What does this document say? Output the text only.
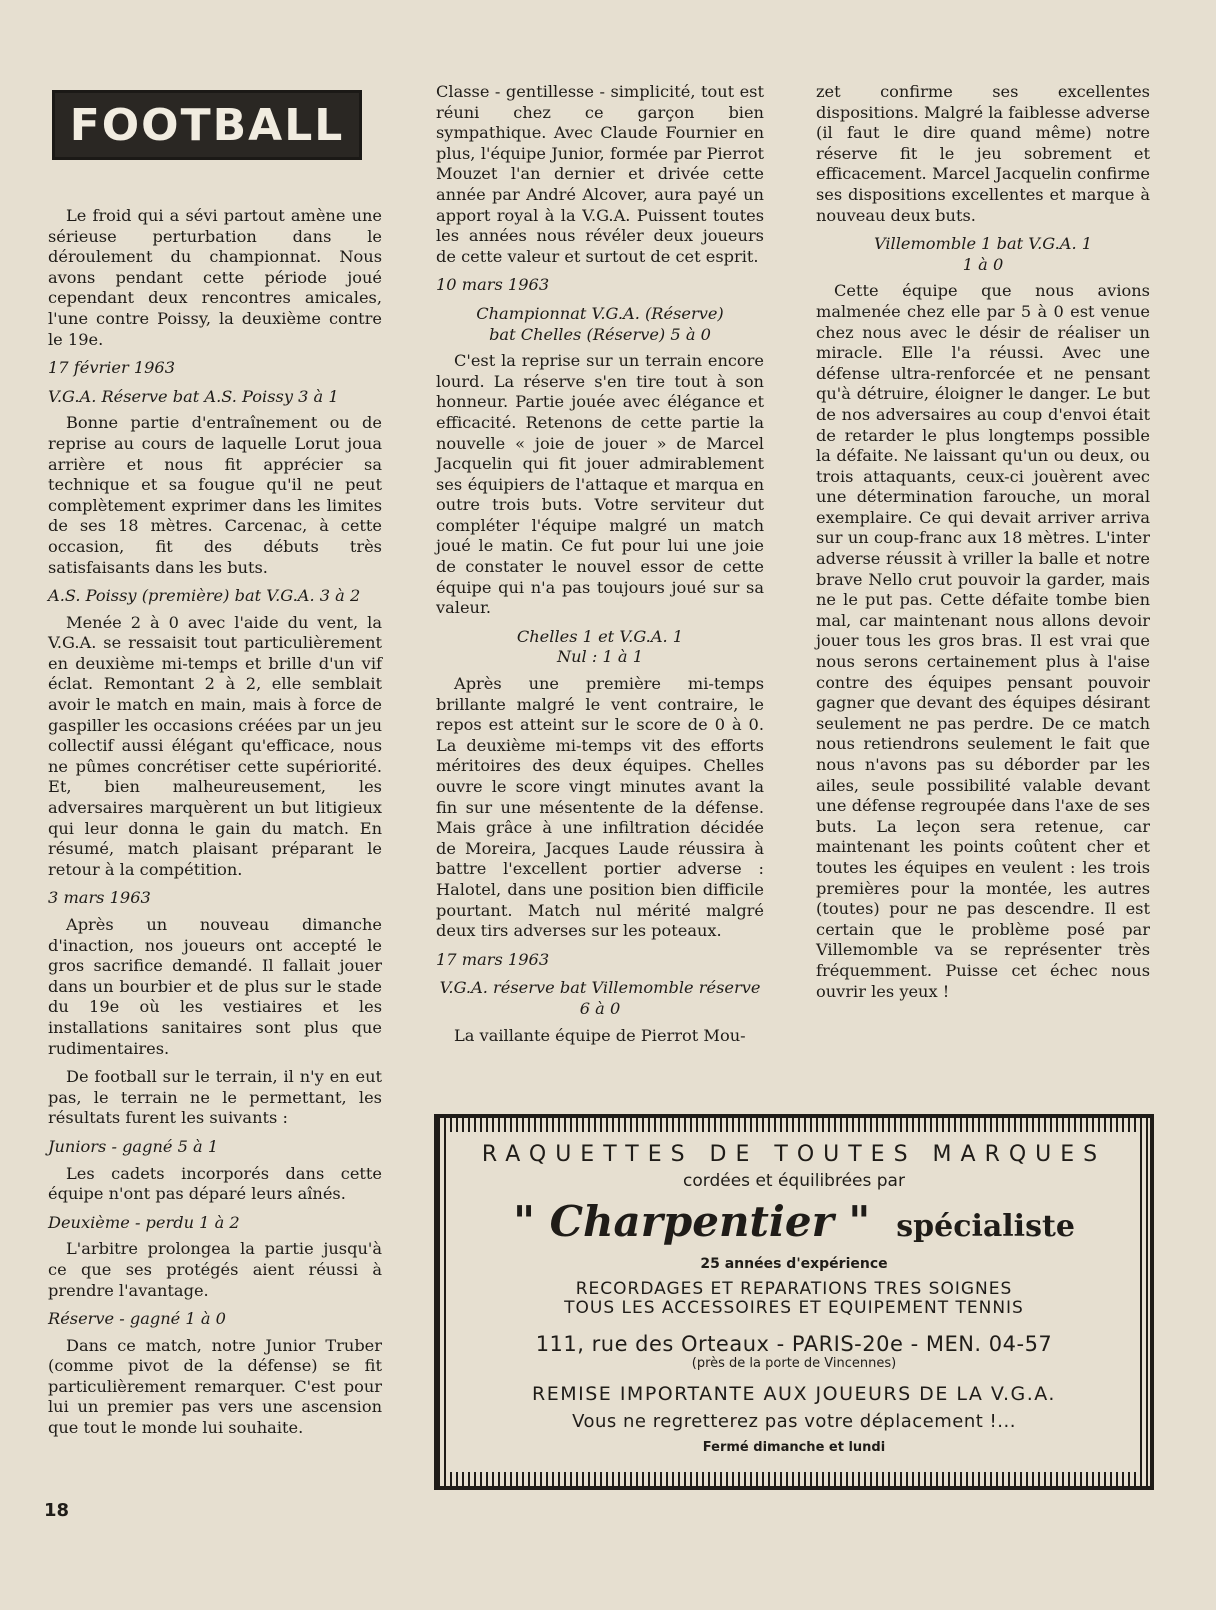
FOOTBALL

Le froid qui a sévi partout amène une sérieuse perturbation dans le déroulement du championnat. Nous avons pendant cette période joué cependant deux rencontres amicales, l'une contre Poissy, la deuxième contre le 19e.

17 février 1963
V.G.A. Réserve bat A.S. Poissy 3 à 1

Bonne partie d'entraînement ou de reprise au cours de laquelle Lorut joua arrière et nous fit apprécier sa technique et sa fougue qu'il ne peut complètement exprimer dans les limites de ses 18 mètres. Carcenac, à cette occasion, fit des débuts très satisfaisants dans les buts.

A.S. Poissy (première) bat V.G.A. 3 à 2

Menée 2 à 0 avec l'aide du vent, la V.G.A. se ressaisit tout particulièrement en deuxième mi-temps et brille d'un vif éclat. Remontant 2 à 2, elle semblait avoir le match en main, mais à force de gaspiller les occasions créées par un jeu collectif aussi élégant qu'efficace, nous ne pûmes concrétiser cette supériorité. Et, bien malheureusement, les adversaires marquèrent un but litigieux qui leur donna le gain du match. En résumé, match plaisant préparant le retour à la compétition.

3 mars 1963

Après un nouveau dimanche d'inaction, nos joueurs ont accepté le gros sacrifice demandé. Il fallait jouer dans un bourbier et de plus sur le stade du 19e où les vestiaires et les installations sanitaires sont plus que rudimentaires.

De football sur le terrain, il n'y en eut pas, le terrain ne le permettant, les résultats furent les suivants :

Juniors - gagné 5 à 1

Les cadets incorporés dans cette équipe n'ont pas déparé leurs aînés.

Deuxième - perdu 1 à 2

L'arbitre prolongea la partie jusqu'à ce que ses protégés aient réussi à prendre l'avantage.

Réserve - gagné 1 à 0

Dans ce match, notre Junior Truber (comme pivot de la défense) se fit particulièrement remarquer. C'est pour lui un premier pas vers une ascension que tout le monde lui souhaite.

Classe - gentillesse - simplicité, tout est réuni chez ce garçon bien sympathique. Avec Claude Fournier en plus, l'équipe Junior, formée par Pierrot Mouzet l'an dernier et drivée cette année par André Alcover, aura payé un apport royal à la V.G.A. Puissent toutes les années nous révéler deux joueurs de cette valeur et surtout de cet esprit.

10 mars 1963
Championnat V.G.A. (Réserve)
bat Chelles (Réserve) 5 à 0

C'est la reprise sur un terrain encore lourd. La réserve s'en tire tout à son honneur. Partie jouée avec élégance et efficacité. Retenons de cette partie la nouvelle « joie de jouer » de Marcel Jacquelin qui fit jouer admirablement ses équipiers de l'attaque et marqua en outre trois buts. Votre serviteur dut compléter l'équipe malgré un match joué le matin. Ce fut pour lui une joie de constater le nouvel essor de cette équipe qui n'a pas toujours joué sur sa valeur.

Chelles 1 et V.G.A. 1
Nul : 1 à 1

Après une première mi-temps brillante malgré le vent contraire, le repos est atteint sur le score de 0 à 0. La deuxième mi-temps vit des efforts méritoires des deux équipes. Chelles ouvre le score vingt minutes avant la fin sur une mésentente de la défense. Mais grâce à une infiltration décidée de Moreira, Jacques Laude réussira à battre l'excellent portier adverse : Halotel, dans une position bien difficile pourtant. Match nul mérité malgré deux tirs adverses sur les poteaux.

17 mars 1963
V.G.A. réserve bat Villemomble réserve
6 à 0

La vaillante équipe de Pierrot Mou-

zet confirme ses excellentes dispositions. Malgré la faiblesse adverse (il faut le dire quand même) notre réserve fit le jeu sobrement et efficacement. Marcel Jacquelin confirme ses dispositions excellentes et marque à nouveau deux buts.

Villemomble 1 bat V.G.A. 1
1 à 0

Cette équipe que nous avions malmenée chez elle par 5 à 0 est venue chez nous avec le désir de réaliser un miracle. Elle l'a réussi. Avec une défense ultra-renforcée et ne pensant qu'à détruire, éloigner le danger. Le but de nos adversaires au coup d'envoi était de retarder le plus longtemps possible la défaite. Ne laissant qu'un ou deux, ou trois attaquants, ceux-ci jouèrent avec une détermination farouche, un moral exemplaire. Ce qui devait arriver arriva sur un coup-franc aux 18 mètres. L'inter adverse réussit à vriller la balle et notre brave Nello crut pouvoir la garder, mais ne le put pas. Cette défaite tombe bien mal, car maintenant nous allons devoir jouer tous les gros bras. Il est vrai que nous serons certainement plus à l'aise contre des équipes pensant pouvoir gagner que devant des équipes désirant seulement ne pas perdre. De ce match nous retiendrons seulement le fait que nous n'avons pas su déborder par les ailes, seule possibilité valable devant une défense regroupée dans l'axe de ses buts. La leçon sera retenue, car maintenant les points coûtent cher et toutes les équipes en veulent : les trois premières pour la montée, les autres (toutes) pour ne pas descendre. Il est certain que le problème posé par Villemomble va se représenter très fréquemment. Puisse cet échec nous ouvrir les yeux !

RAQUETTES DE TOUTES MARQUES
cordées et équilibrées par
" Charpentier " spécialiste
25 années d'expérience
RECORDAGES ET REPARATIONS TRES SOIGNES
TOUS LES ACCESSOIRES ET EQUIPEMENT TENNIS
111, rue des Orteaux - PARIS-20e - MEN. 04-57
(près de la porte de Vincennes)
REMISE IMPORTANTE AUX JOUEURS DE LA V.G.A.
Vous ne regretterez pas votre déplacement !...
Fermé dimanche et lundi
18
